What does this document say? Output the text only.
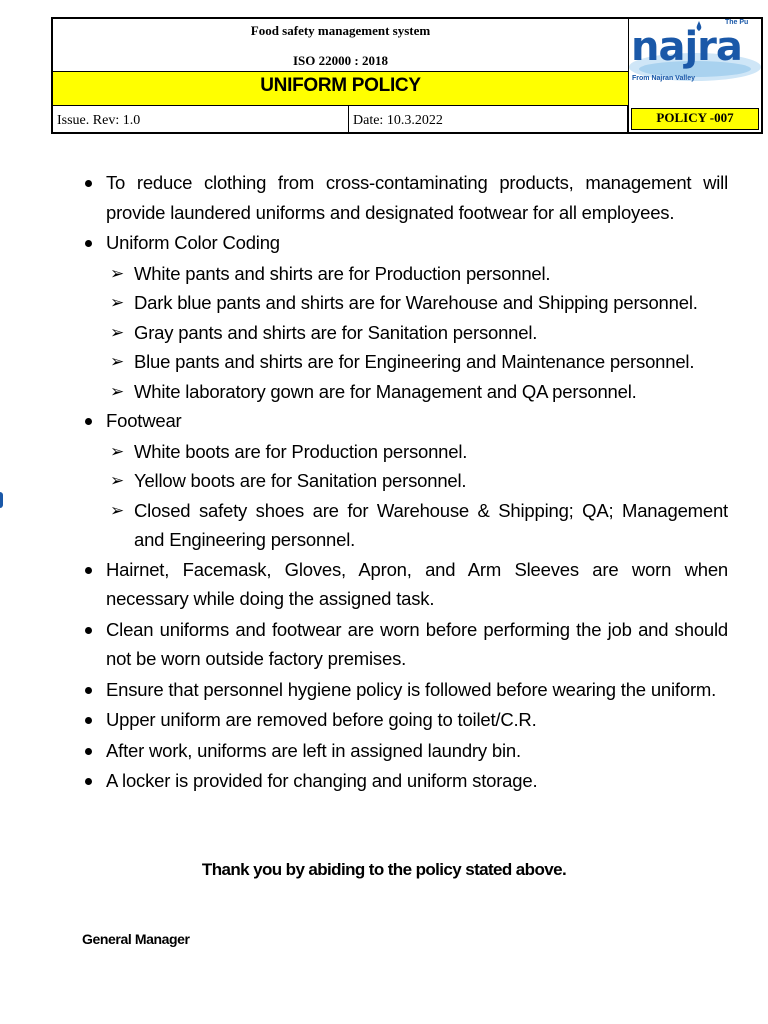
Food safety management system
ISO 22000 : 2018
UNIFORM POLICY
Issue. Rev: 1.0	Date: 10.3.2022
najra
The Pu
From Najran Valley
POLICY -007
To reduce clothing from cross-contaminating products, management will provide laundered uniforms and designated footwear for all employees.
Uniform Color Coding
➢ White pants and shirts are for Production personnel.
➢ Dark blue pants and shirts are for Warehouse and Shipping personnel.
➢ Gray pants and shirts are for Sanitation personnel.
➢ Blue pants and shirts are for Engineering and Maintenance personnel.
➢ White laboratory gown are for Management and QA personnel.
Footwear
➢ White boots are for Production personnel.
➢ Yellow boots are for Sanitation personnel.
➢ Closed safety shoes are for Warehouse & Shipping; QA; Management and Engineering personnel.
Hairnet, Facemask, Gloves, Apron, and Arm Sleeves are worn when necessary while doing the assigned task.
Clean uniforms and footwear are worn before performing the job and should not be worn outside factory premises.
Ensure that personnel hygiene policy is followed before wearing the uniform.
Upper uniform are removed before going to toilet/C.R.
After work, uniforms are left in assigned laundry bin.
A locker is provided for changing and uniform storage.
Thank you by abiding to the policy stated above.
General Manager
